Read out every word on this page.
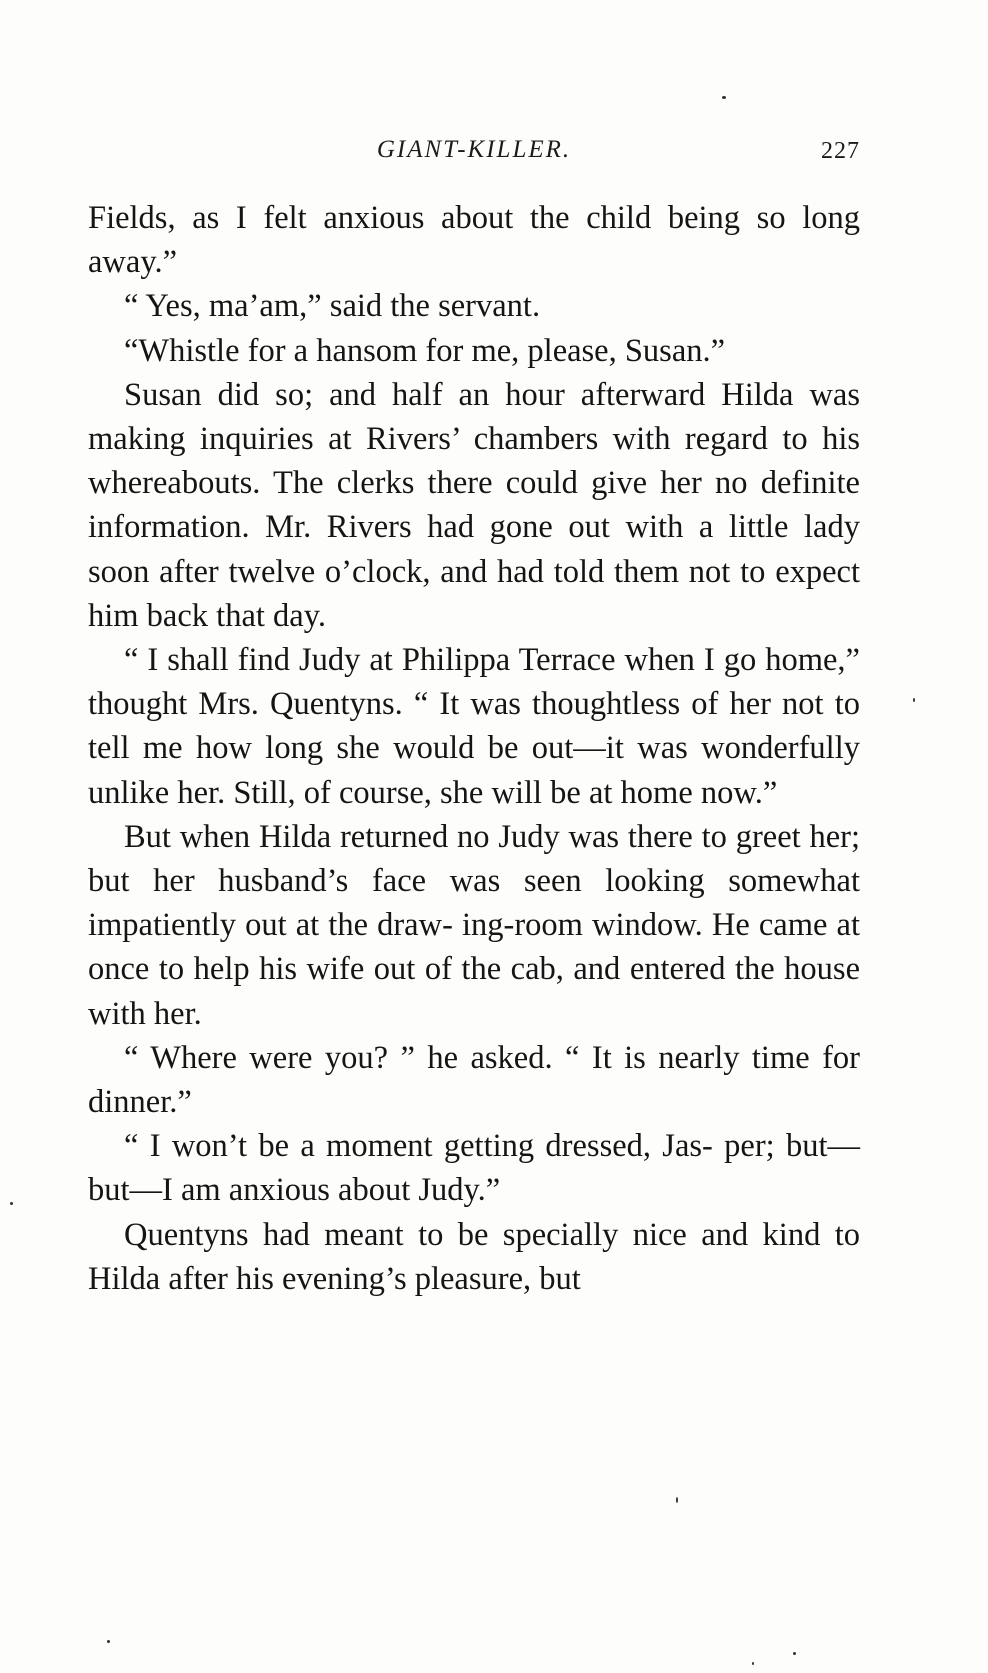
GIANT-KILLER.	227

Fields, as I felt anxious about the child being so long away.”

“ Yes, ma’am,” said the servant.

“Whistle for a hansom for me, please, Susan.”

Susan did so; and half an hour afterward Hilda was making inquiries at Rivers’ chambers with regard to his whereabouts. The clerks there could give her no definite information. Mr. Rivers had gone out with a little lady soon after twelve o’clock, and had told them not to expect him back that day.

“ I shall find Judy at Philippa Terrace when I go home,” thought Mrs. Quentyns. “ It was thoughtless of her not to tell me how long she would be out—it was wonderfully unlike her. Still, of course, she will be at home now.”

But when Hilda returned no Judy was there to greet her; but her husband’s face was seen looking somewhat impatiently out at the draw- ing-room window. He came at once to help his wife out of the cab, and entered the house with her.

“ Where were you? ” he asked. “ It is nearly time for dinner.”

“ I won’t be a moment getting dressed, Jas- per; but—but—I am anxious about Judy.”

Quentyns had meant to be specially nice and kind to Hilda after his evening’s pleasure, but
